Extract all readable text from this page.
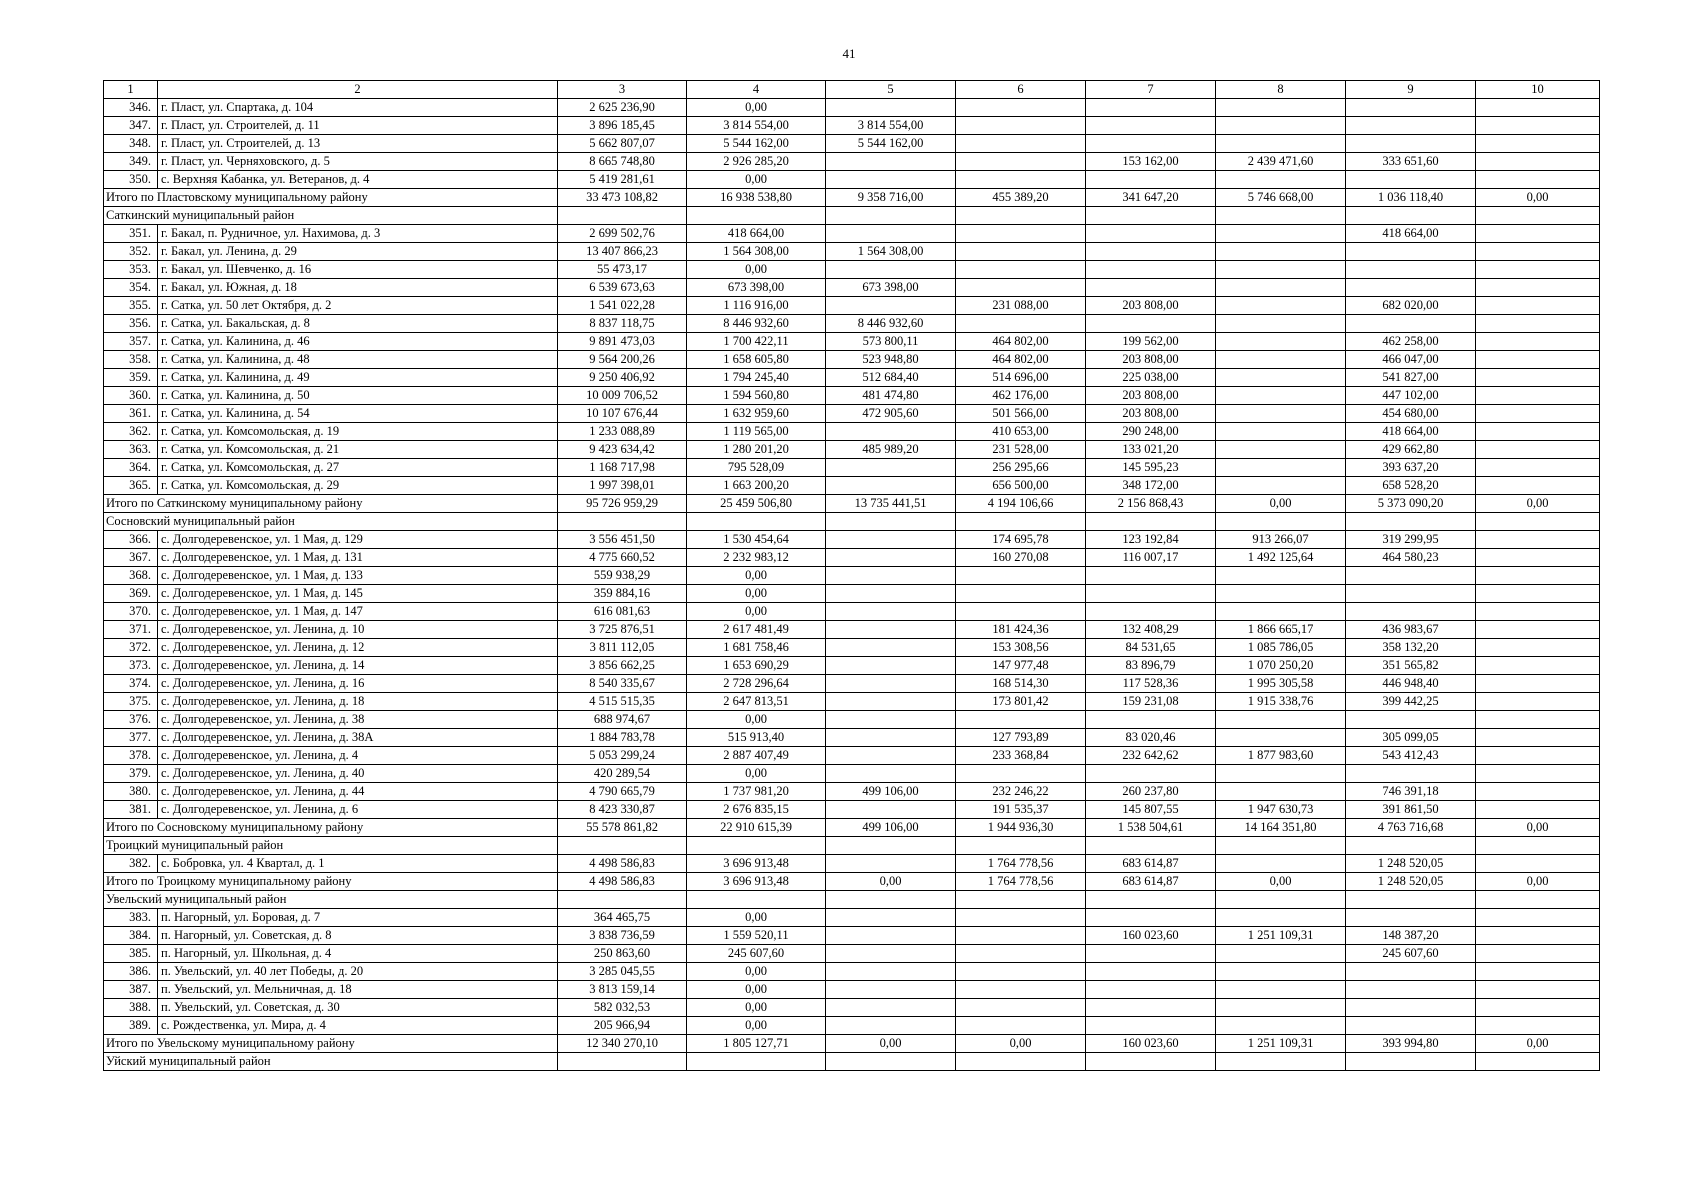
41
1	2	3	4	5	6	7	8	9	10
346.	г. Пласт, ул. Спартака, д. 104	2 625 236,90	0,00						
347.	г. Пласт, ул. Строителей, д. 11	3 896 185,45	3 814 554,00	3 814 554,00					
348.	г. Пласт, ул. Строителей, д. 13	5 662 807,07	5 544 162,00	5 544 162,00					
349.	г. Пласт, ул. Черняховского, д. 5	8 665 748,80	2 926 285,20			153 162,00	2 439 471,60	333 651,60	
350.	с. Верхняя Кабанка, ул. Ветеранов, д. 4	5 419 281,61	0,00						
Итого по Пластовскому муниципальному району		33 473 108,82	16 938 538,80	9 358 716,00	455 389,20	341 647,20	5 746 668,00	1 036 118,40	0,00
Саткинский муниципальный район									
351.	г. Бакал, п. Рудничное, ул. Нахимова, д. 3	2 699 502,76	418 664,00					418 664,00	
352.	г. Бакал, ул. Ленина, д. 29	13 407 866,23	1 564 308,00	1 564 308,00					
353.	г. Бакал, ул. Шевченко, д. 16	55 473,17	0,00						
354.	г. Бакал, ул. Южная, д. 18	6 539 673,63	673 398,00	673 398,00					
355.	г. Сатка, ул. 50 лет Октября, д. 2	1 541 022,28	1 116 916,00		231 088,00	203 808,00		682 020,00	
356.	г. Сатка, ул. Бакальская, д. 8	8 837 118,75	8 446 932,60	8 446 932,60					
357.	г. Сатка, ул. Калинина, д. 46	9 891 473,03	1 700 422,11	573 800,11	464 802,00	199 562,00		462 258,00	
358.	г. Сатка, ул. Калинина, д. 48	9 564 200,26	1 658 605,80	523 948,80	464 802,00	203 808,00		466 047,00	
359.	г. Сатка, ул. Калинина, д. 49	9 250 406,92	1 794 245,40	512 684,40	514 696,00	225 038,00		541 827,00	
360.	г. Сатка, ул. Калинина, д. 50	10 009 706,52	1 594 560,80	481 474,80	462 176,00	203 808,00		447 102,00	
361.	г. Сатка, ул. Калинина, д. 54	10 107 676,44	1 632 959,60	472 905,60	501 566,00	203 808,00		454 680,00	
362.	г. Сатка, ул. Комсомольская, д. 19	1 233 088,89	1 119 565,00		410 653,00	290 248,00		418 664,00	
363.	г. Сатка, ул. Комсомольская, д. 21	9 423 634,42	1 280 201,20	485 989,20	231 528,00	133 021,20		429 662,80	
364.	г. Сатка, ул. Комсомольская, д. 27	1 168 717,98	795 528,09		256 295,66	145 595,23		393 637,20	
365.	г. Сатка, ул. Комсомольская, д. 29	1 997 398,01	1 663 200,20		656 500,00	348 172,00		658 528,20	
Итого по Саткинскому муниципальному району		95 726 959,29	25 459 506,80	13 735 441,51	4 194 106,66	2 156 868,43	0,00	5 373 090,20	0,00
Сосновский муниципальный район									
366.	с. Долгодеревенское, ул. 1 Мая, д. 129	3 556 451,50	1 530 454,64		174 695,78	123 192,84	913 266,07	319 299,95	
367.	с. Долгодеревенское, ул. 1 Мая, д. 131	4 775 660,52	2 232 983,12		160 270,08	116 007,17	1 492 125,64	464 580,23	
368.	с. Долгодеревенское, ул. 1 Мая, д. 133	559 938,29	0,00						
369.	с. Долгодеревенское, ул. 1 Мая, д. 145	359 884,16	0,00						
370.	с. Долгодеревенское, ул. 1 Мая, д. 147	616 081,63	0,00						
371.	с. Долгодеревенское, ул. Ленина, д. 10	3 725 876,51	2 617 481,49		181 424,36	132 408,29	1 866 665,17	436 983,67	
372.	с. Долгодеревенское, ул. Ленина, д. 12	3 811 112,05	1 681 758,46		153 308,56	84 531,65	1 085 786,05	358 132,20	
373.	с. Долгодеревенское, ул. Ленина, д. 14	3 856 662,25	1 653 690,29		147 977,48	83 896,79	1 070 250,20	351 565,82	
374.	с. Долгодеревенское, ул. Ленина, д. 16	8 540 335,67	2 728 296,64		168 514,30	117 528,36	1 995 305,58	446 948,40	
375.	с. Долгодеревенское, ул. Ленина, д. 18	4 515 515,35	2 647 813,51		173 801,42	159 231,08	1 915 338,76	399 442,25	
376.	с. Долгодеревенское, ул. Ленина, д. 38	688 974,67	0,00						
377.	с. Долгодеревенское, ул. Ленина, д. 38А	1 884 783,78	515 913,40		127 793,89	83 020,46		305 099,05	
378.	с. Долгодеревенское, ул. Ленина, д. 4	5 053 299,24	2 887 407,49		233 368,84	232 642,62	1 877 983,60	543 412,43	
379.	с. Долгодеревенское, ул. Ленина, д. 40	420 289,54	0,00						
380.	с. Долгодеревенское, ул. Ленина, д. 44	4 790 665,79	1 737 981,20	499 106,00	232 246,22	260 237,80		746 391,18	
381.	с. Долгодеревенское, ул. Ленина, д. 6	8 423 330,87	2 676 835,15		191 535,37	145 807,55	1 947 630,73	391 861,50	
Итого по Сосновскому муниципальному району		55 578 861,82	22 910 615,39	499 106,00	1 944 936,30	1 538 504,61	14 164 351,80	4 763 716,68	0,00
Троицкий муниципальный район									
382.	с. Бобровка, ул. 4 Квартал, д. 1	4 498 586,83	3 696 913,48		1 764 778,56	683 614,87		1 248 520,05	
Итого по Троицкому муниципальному району		4 498 586,83	3 696 913,48	0,00	1 764 778,56	683 614,87	0,00	1 248 520,05	0,00
Увельский муниципальный район									
383.	п. Нагорный, ул. Боровая, д. 7	364 465,75	0,00						
384.	п. Нагорный, ул. Советская, д. 8	3 838 736,59	1 559 520,11			160 023,60	1 251 109,31	148 387,20	
385.	п. Нагорный, ул. Школьная, д. 4	250 863,60	245 607,60					245 607,60	
386.	п. Увельский, ул. 40 лет Победы, д. 20	3 285 045,55	0,00						
387.	п. Увельский, ул. Мельничная, д. 18	3 813 159,14	0,00						
388.	п. Увельский, ул. Советская, д. 30	582 032,53	0,00						
389.	с. Рождественка, ул. Мира, д. 4	205 966,94	0,00						
Итого по Увельскому муниципальному району		12 340 270,10	1 805 127,71	0,00	0,00	160 023,60	1 251 109,31	393 994,80	0,00
Уйский муниципальный район									
